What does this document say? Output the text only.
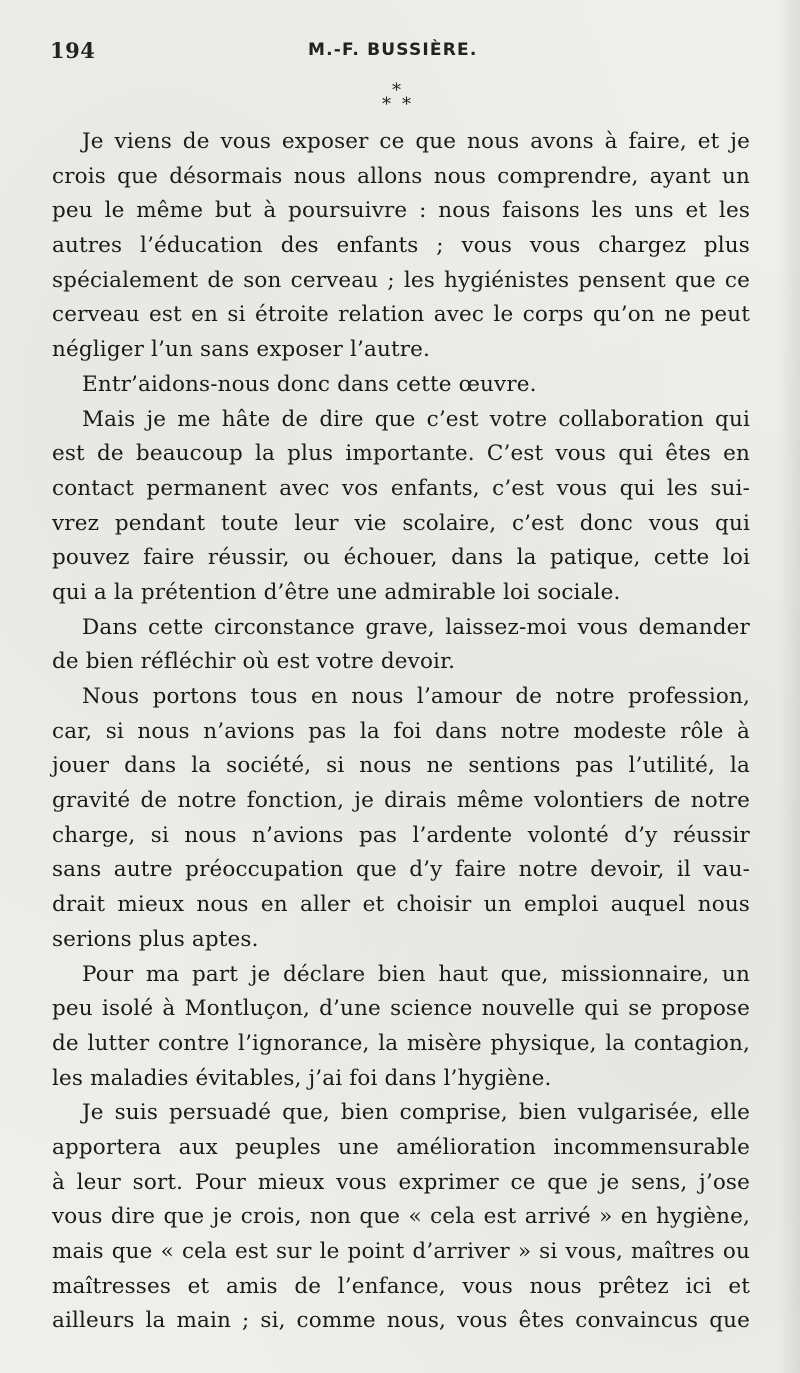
194	M.-F. BUSSIÈRE.
*
* *
Je viens de vous exposer ce que nous avons à faire, et je
crois que désormais nous allons nous comprendre, ayant un
peu le même but à poursuivre : nous faisons les uns et les
autres l’éducation des enfants ; vous vous chargez plus
spécialement de son cerveau ; les hygiénistes pensent que ce
cerveau est en si étroite relation avec le corps qu’on ne peut
négliger l’un sans exposer l’autre.
Entr’aidons-nous donc dans cette œuvre.
Mais je me hâte de dire que c’est votre collaboration qui
est de beaucoup la plus importante. C’est vous qui êtes en
contact permanent avec vos enfants, c’est vous qui les sui-
vrez pendant toute leur vie scolaire, c’est donc vous qui
pouvez faire réussir, ou échouer, dans la patique, cette loi
qui a la prétention d’être une admirable loi sociale.
Dans cette circonstance grave, laissez-moi vous demander
de bien réfléchir où est votre devoir.
Nous portons tous en nous l’amour de notre profession,
car, si nous n’avions pas la foi dans notre modeste rôle à
jouer dans la société, si nous ne sentions pas l’utilité, la
gravité de notre fonction, je dirais même volontiers de notre
charge, si nous n’avions pas l’ardente volonté d’y réussir
sans autre préoccupation que d’y faire notre devoir, il vau-
drait mieux nous en aller et choisir un emploi auquel nous
serions plus aptes.
Pour ma part je déclare bien haut que, missionnaire, un
peu isolé à Montluçon, d’une science nouvelle qui se propose
de lutter contre l’ignorance, la misère physique, la contagion,
les maladies évitables, j’ai foi dans l’hygiène.
Je suis persuadé que, bien comprise, bien vulgarisée, elle
apportera aux peuples une amélioration incommensurable
à leur sort. Pour mieux vous exprimer ce que je sens, j’ose
vous dire que je crois, non que « cela est arrivé » en hygiène,
mais que « cela est sur le point d’arriver » si vous, maîtres ou
maîtresses et amis de l’enfance, vous nous prêtez ici et
ailleurs la main ; si, comme nous, vous êtes convaincus que
